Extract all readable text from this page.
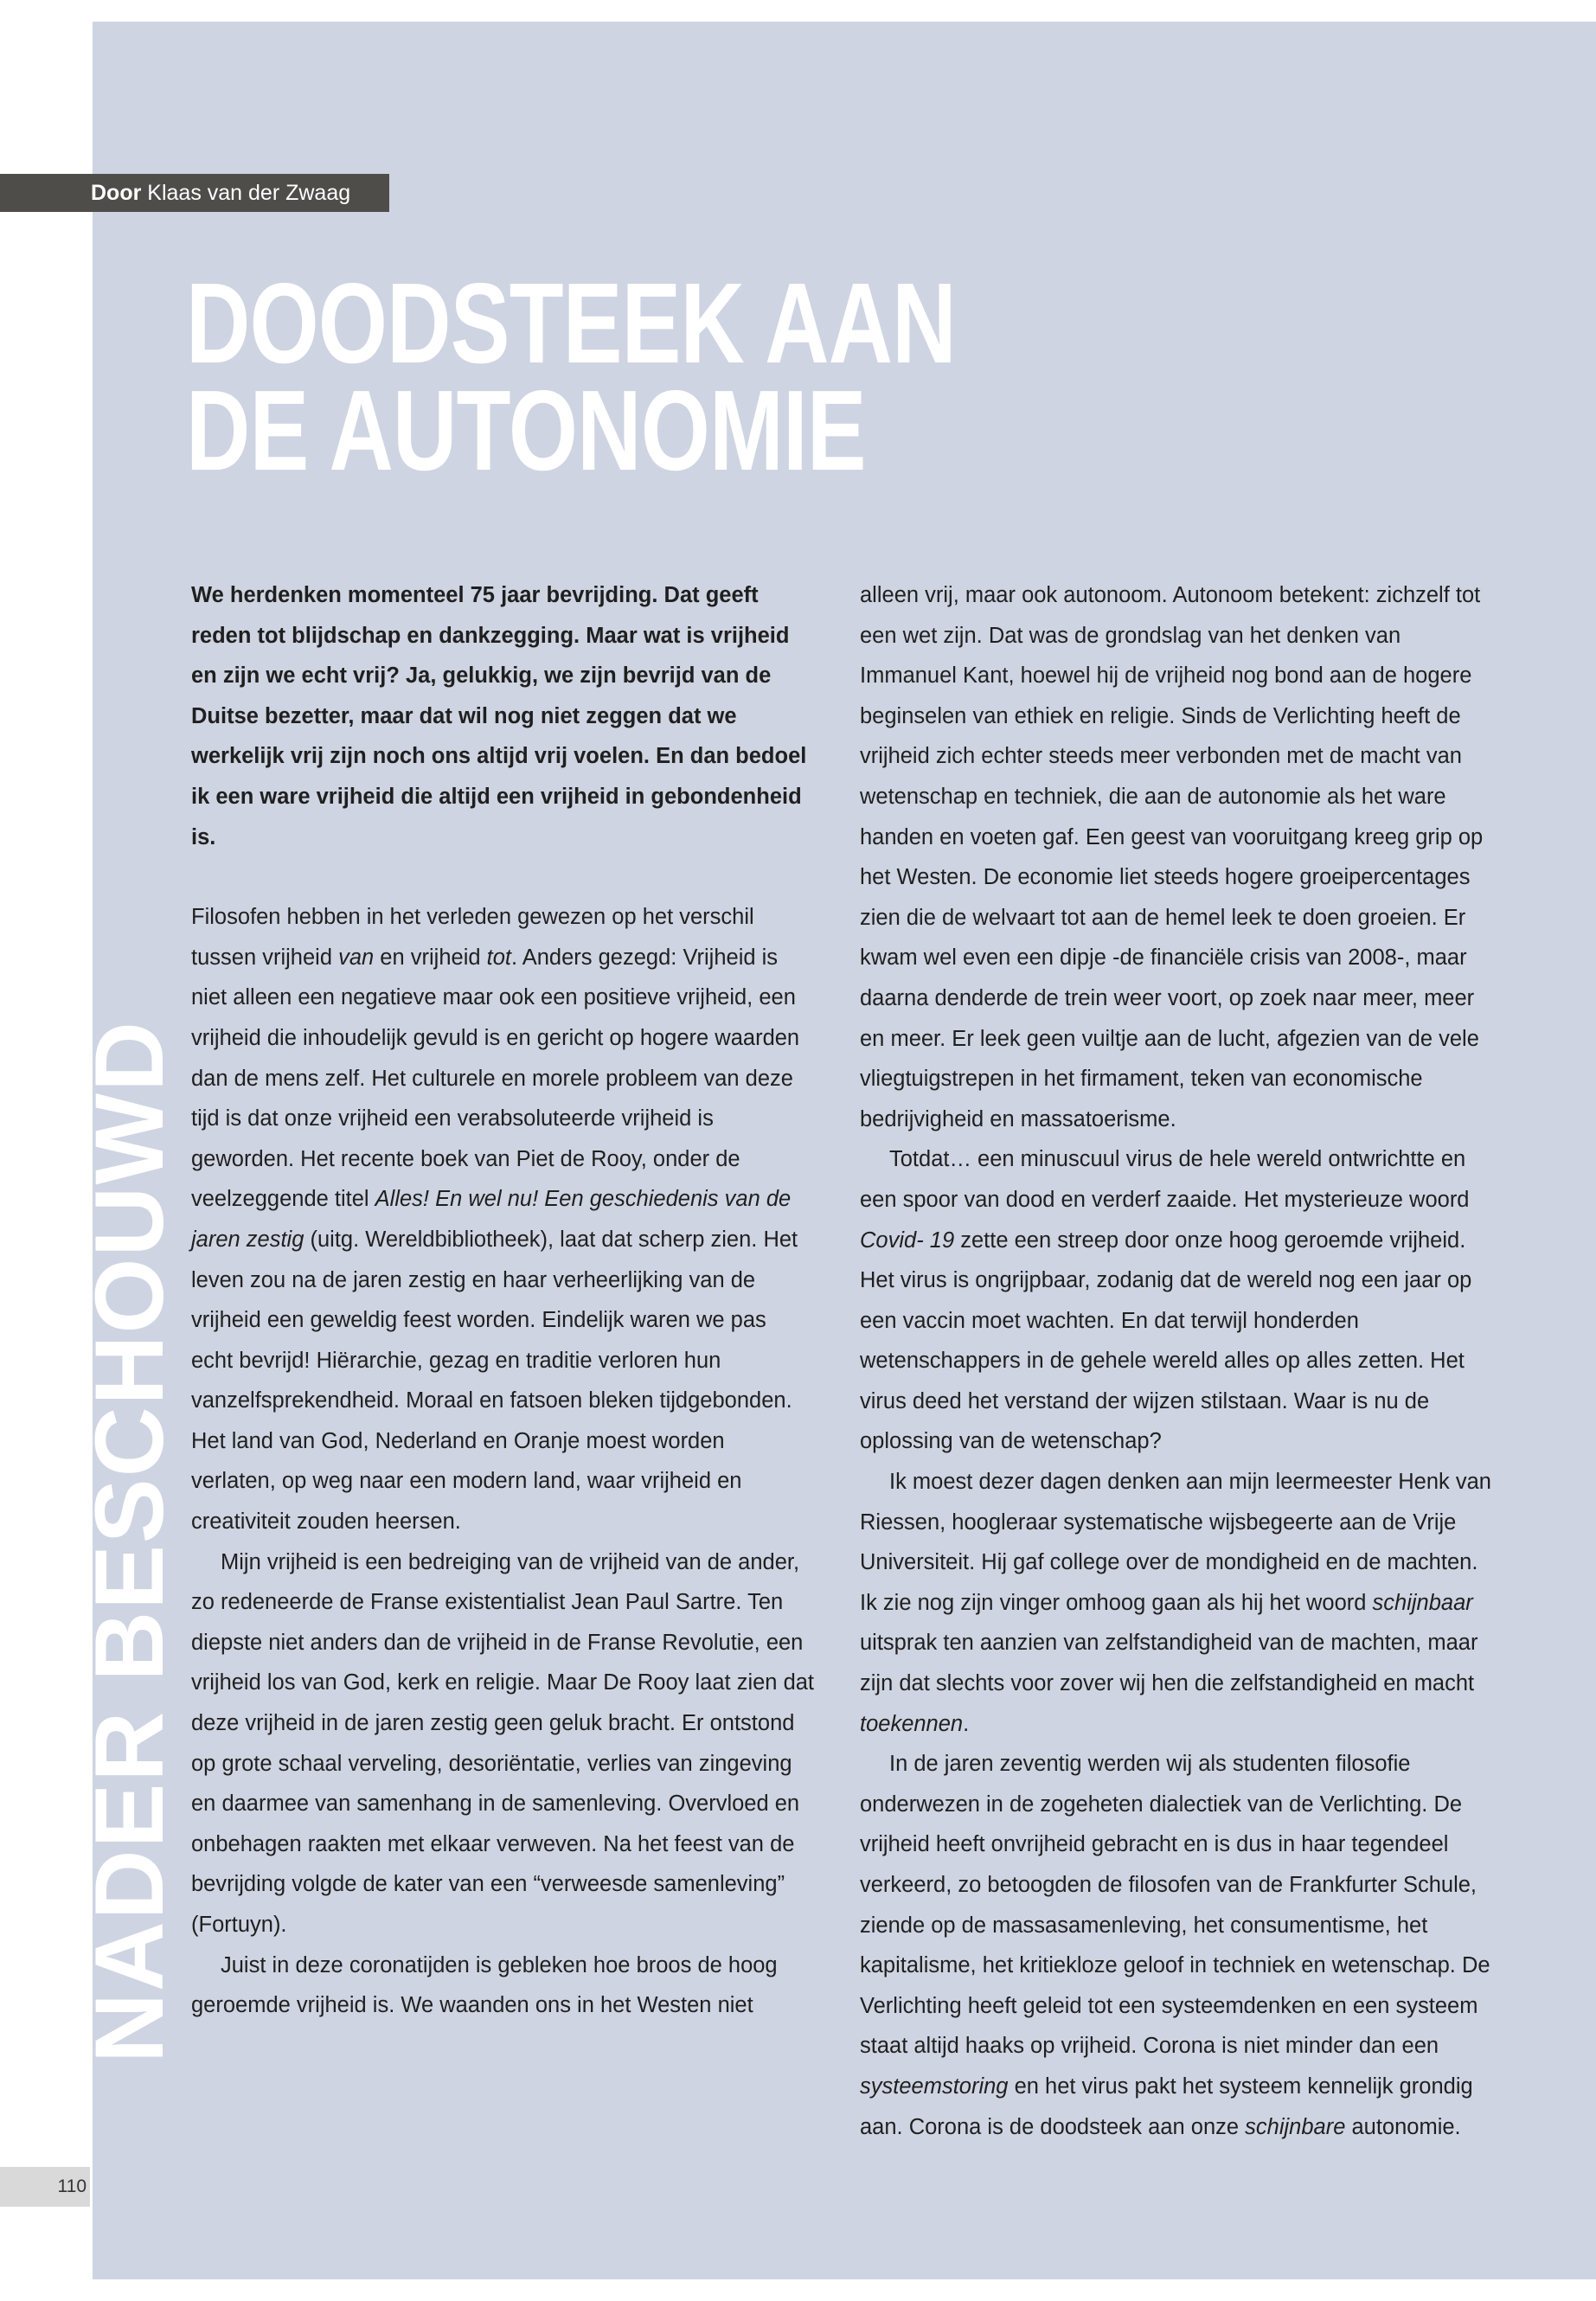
Door Klaas van der Zwaag
DOODSTEEK AAN
DE AUTONOMIE
NADER BESCHOUWD

We herdenken momenteel 75 jaar bevrijding. Dat geeft reden tot blijdschap en dankzegging. Maar wat is vrijheid en zijn we echt vrij? Ja, gelukkig, we zijn bevrijd van de Duitse bezetter, maar dat wil nog niet zeggen dat we werkelijk vrij zijn noch ons altijd vrij voelen. En dan bedoel ik een ware vrijheid die altijd een vrijheid in gebondenheid is.

Filosofen hebben in het verleden gewezen op het verschil tussen vrijheid van en vrijheid tot. Anders gezegd: Vrijheid is niet alleen een negatieve maar ook een positieve vrijheid, een vrijheid die inhoudelijk gevuld is en gericht op hogere waarden dan de mens zelf. Het culturele en morele probleem van deze tijd is dat onze vrijheid een verabsoluteerde vrijheid is geworden. Het recente boek van Piet de Rooy, onder de veelzeggende titel Alles! En wel nu! Een geschiedenis van de jaren zestig (uitg. Wereldbibliotheek), laat dat scherp zien. Het leven zou na de jaren zestig en haar verheerlijking van de vrijheid een geweldig feest worden. Eindelijk waren we pas echt bevrijd! Hiërarchie, gezag en traditie verloren hun vanzelfsprekendheid. Moraal en fatsoen bleken tijdgebonden. Het land van God, Nederland en Oranje moest worden verlaten, op weg naar een modern land, waar vrijheid en creativiteit zouden heersen.

Mijn vrijheid is een bedreiging van de vrijheid van de ander, zo redeneerde de Franse existentialist Jean Paul Sartre. Ten diepste niet anders dan de vrijheid in de Franse Revolutie, een vrijheid los van God, kerk en religie. Maar De Rooy laat zien dat deze vrijheid in de jaren zestig geen geluk bracht. Er ontstond op grote schaal verveling, desoriëntatie, verlies van zingeving en daarmee van samenhang in de samenleving. Overvloed en onbehagen raakten met elkaar verweven. Na het feest van de bevrijding volgde de kater van een “verweesde samenleving” (Fortuyn).

Juist in deze coronatijden is gebleken hoe broos de hoog geroemde vrijheid is. We waanden ons in het Westen niet

alleen vrij, maar ook autonoom. Autonoom betekent: zichzelf tot een wet zijn. Dat was de grondslag van het denken van Immanuel Kant, hoewel hij de vrijheid nog bond aan de hogere beginselen van ethiek en religie. Sinds de Verlichting heeft de vrijheid zich echter steeds meer verbonden met de macht van wetenschap en techniek, die aan de autonomie als het ware handen en voeten gaf. Een geest van vooruitgang kreeg grip op het Westen. De economie liet steeds hogere groeipercentages zien die de welvaart tot aan de hemel leek te doen groeien. Er kwam wel even een dipje -de financiële crisis van 2008-, maar daarna denderde de trein weer voort, op zoek naar meer, meer en meer. Er leek geen vuiltje aan de lucht, afgezien van de vele vliegtuigstrepen in het firmament, teken van economische bedrijvigheid en massatoerisme.

Totdat… een minuscuul virus de hele wereld ontwrichtte en een spoor van dood en verderf zaaide. Het mysterieuze woord Covid- 19 zette een streep door onze hoog geroemde vrijheid. Het virus is ongrijpbaar, zodanig dat de wereld nog een jaar op een vaccin moet wachten. En dat terwijl honderden wetenschappers in de gehele wereld alles op alles zetten. Het virus deed het verstand der wijzen stilstaan. Waar is nu de oplossing van de wetenschap?

Ik moest dezer dagen denken aan mijn leermeester Henk van Riessen, hoogleraar systematische wijsbegeerte aan de Vrije Universiteit. Hij gaf college over de mondigheid en de machten. Ik zie nog zijn vinger omhoog gaan als hij het woord schijnbaar uitsprak ten aanzien van zelfstandigheid van de machten, maar zijn dat slechts voor zover wij hen die zelfstandigheid en macht toekennen.

In de jaren zeventig werden wij als studenten filosofie onderwezen in de zogeheten dialectiek van de Verlichting. De vrijheid heeft onvrijheid gebracht en is dus in haar tegendeel verkeerd, zo betoogden de filosofen van de Frankfurter Schule, ziende op de massasamenleving, het consumentisme, het kapitalisme, het kritiekloze geloof in techniek en wetenschap. De Verlichting heeft geleid tot een systeemdenken en een systeem staat altijd haaks op vrijheid. Corona is niet minder dan een systeemstoring en het virus pakt het systeem kennelijk grondig aan. Corona is de doodsteek aan onze schijnbare autonomie.

110
